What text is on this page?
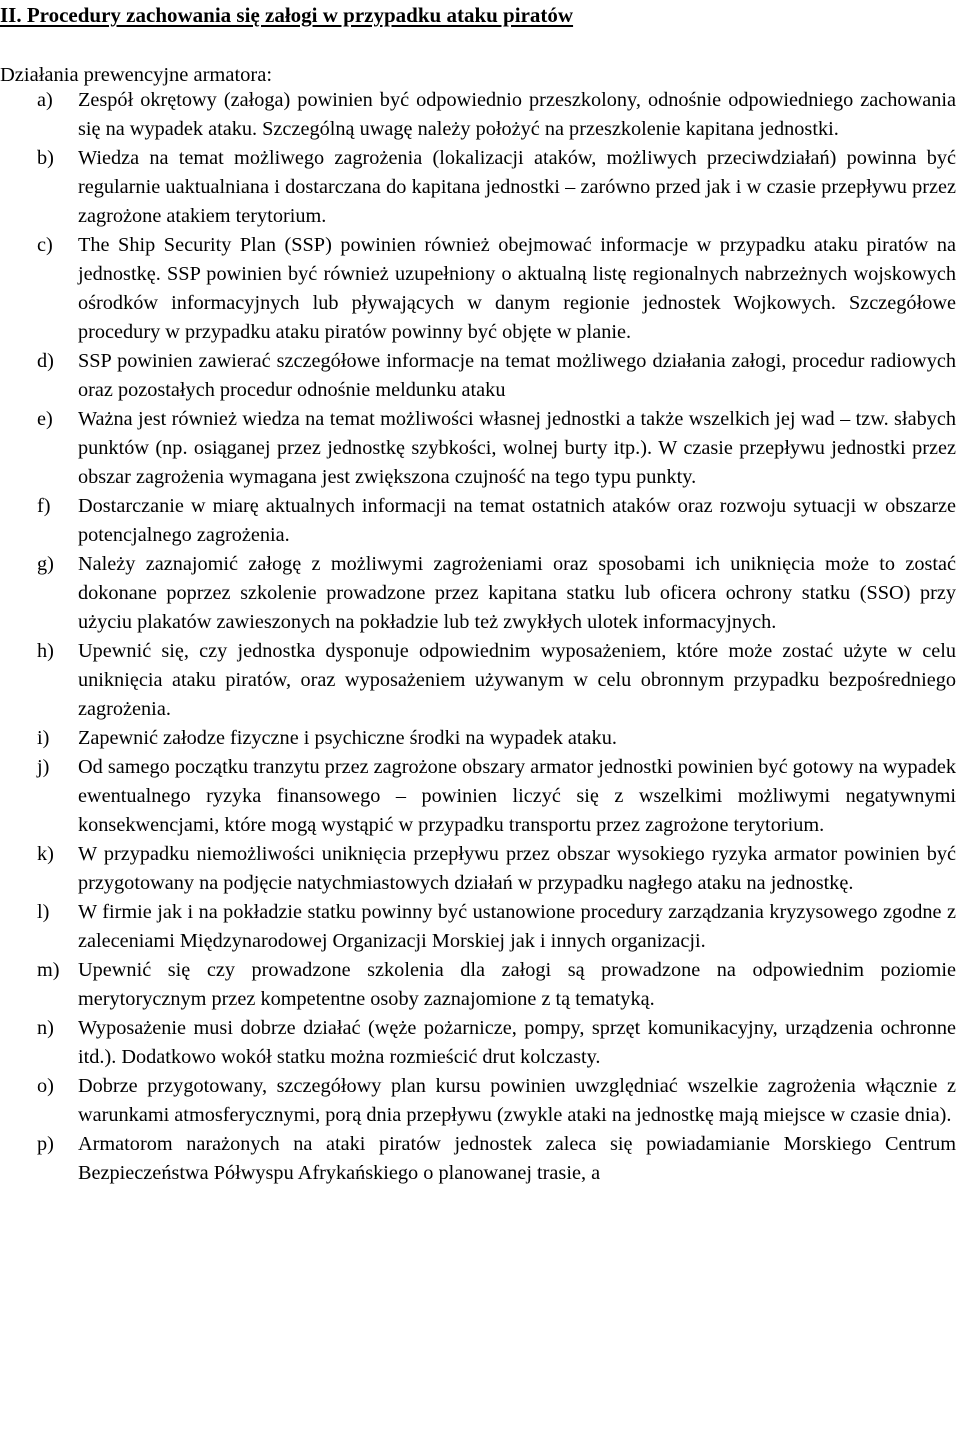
II. Procedury zachowania się załogi w przypadku ataku piratów

Działania prewencyjne armatora:

a) Zespół okrętowy (załoga) powinien być odpowiednio przeszkolony, odnośnie odpowiedniego zachowania się na wypadek ataku. Szczególną uwagę należy położyć na przeszkolenie kapitana jednostki.
b) Wiedza na temat możliwego zagrożenia (lokalizacji ataków, możliwych przeciwdziałań) powinna być regularnie uaktualniana i dostarczana do kapitana jednostki – zarówno przed jak i w czasie przepływu przez zagrożone atakiem terytorium.
c) The Ship Security Plan (SSP) powinien również obejmować informacje w przypadku ataku piratów na jednostkę. SSP powinien być również uzupełniony o aktualną listę regionalnych nabrzeżnych wojskowych ośrodków informacyjnych lub pływających w danym regionie jednostek Wojkowych. Szczegółowe procedury w przypadku ataku piratów powinny być objęte w planie.
d) SSP powinien zawierać szczegółowe informacje na temat możliwego działania załogi, procedur radiowych oraz pozostałych procedur odnośnie meldunku ataku
e) Ważna jest również wiedza na temat możliwości własnej jednostki a także wszelkich jej wad – tzw. słabych punktów (np. osiąganej przez jednostkę szybkości, wolnej burty itp.). W czasie przepływu jednostki przez obszar zagrożenia wymagana jest zwiększona czujność na tego typu punkty.
f) Dostarczanie w miarę aktualnych informacji na temat ostatnich ataków oraz rozwoju sytuacji w obszarze potencjalnego zagrożenia.
g) Należy zaznajomić załogę z możliwymi zagrożeniami oraz sposobami ich uniknięcia może to zostać dokonane poprzez szkolenie prowadzone przez kapitana statku lub oficera ochrony statku (SSO) przy użyciu plakatów zawieszonych na pokładzie lub też zwykłych ulotek informacyjnych.
h) Upewnić się, czy jednostka dysponuje odpowiednim wyposażeniem, które może zostać użyte w celu uniknięcia ataku piratów, oraz wyposażeniem używanym w celu obronnym przypadku bezpośredniego zagrożenia.
i) Zapewnić załodze fizyczne i psychiczne środki na wypadek ataku.
j) Od samego początku tranzytu przez zagrożone obszary armator jednostki powinien być gotowy na wypadek ewentualnego ryzyka finansowego – powinien liczyć się z wszelkimi możliwymi negatywnymi konsekwencjami, które mogą wystąpić w przypadku transportu przez zagrożone terytorium.
k) W przypadku niemożliwości uniknięcia przepływu przez obszar wysokiego ryzyka armator powinien być przygotowany na podjęcie natychmiastowych działań w przypadku nagłego ataku na jednostkę.
l) W firmie jak i na pokładzie statku powinny być ustanowione procedury zarządzania kryzysowego zgodne z zaleceniami Międzynarodowej Organizacji Morskiej jak i innych organizacji.
m) Upewnić się czy prowadzone szkolenia dla załogi są prowadzone na odpowiednim poziomie merytorycznym przez kompetentne osoby zaznajomione z tą tematyką.
n) Wyposażenie musi dobrze działać (węże pożarnicze, pompy, sprzęt komunikacyjny, urządzenia ochronne itd.). Dodatkowo wokół statku można rozmieścić drut kolczasty.
o) Dobrze przygotowany, szczegółowy plan kursu powinien uwzględniać wszelkie zagrożenia włącznie z warunkami atmosferycznymi, porą dnia przepływu (zwykle ataki na jednostkę mają miejsce w czasie dnia).
p) Armatorom narażonych na ataki piratów jednostek zaleca się powiadamianie Morskiego Centrum Bezpieczeństwa Półwyspu Afrykańskiego o planowanej trasie, a
